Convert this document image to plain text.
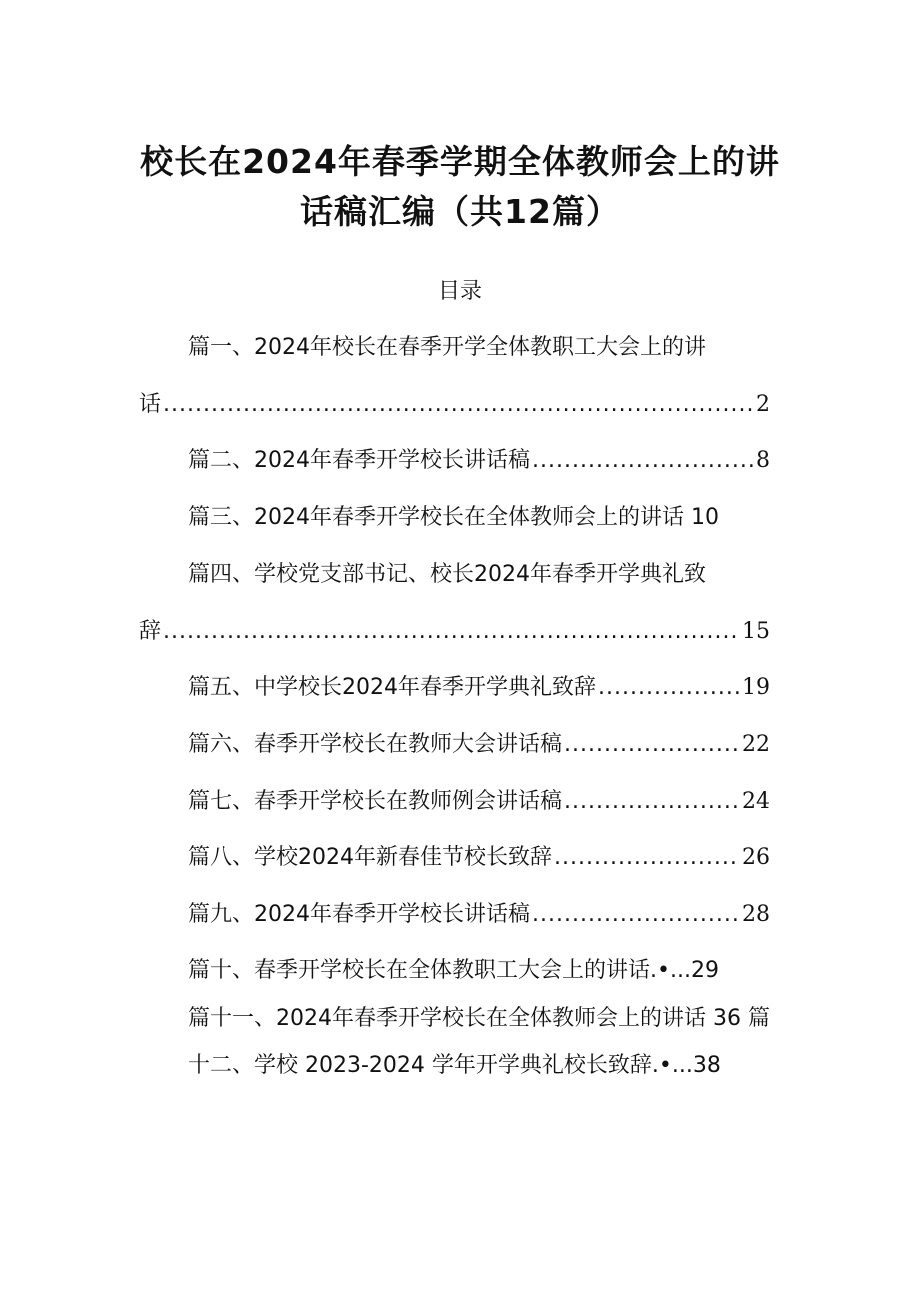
校长在2024年春季学期全体教师会上的讲
话稿汇编（共12篇）
目录
篇一、2024年校长在春季开学全体教职工大会上的讲
话 .....	2
篇二、2024年春季开学校长讲话稿 .....	8
篇三、2024年春季开学校长在全体教师会上的讲话 10
篇四、学校党支部书记、校长2024年春季开学典礼致
辞 .....	15
篇五、中学校长2024年春季开学典礼致辞 .....	19
篇六、春季开学校长在教师大会讲话稿 .....	22
篇七、春季开学校长在教师例会讲话稿 .....	24
篇八、学校2024年新春佳节校长致辞 .....	26
篇九、2024年春季开学校长讲话稿 .....	28
篇十、春季开学校长在全体教职工大会上的讲话.•...29
篇十一、2024年春季开学校长在全体教师会上的讲话 36 篇
十二、学校 2023-2024 学年开学典礼校长致辞.•...38
